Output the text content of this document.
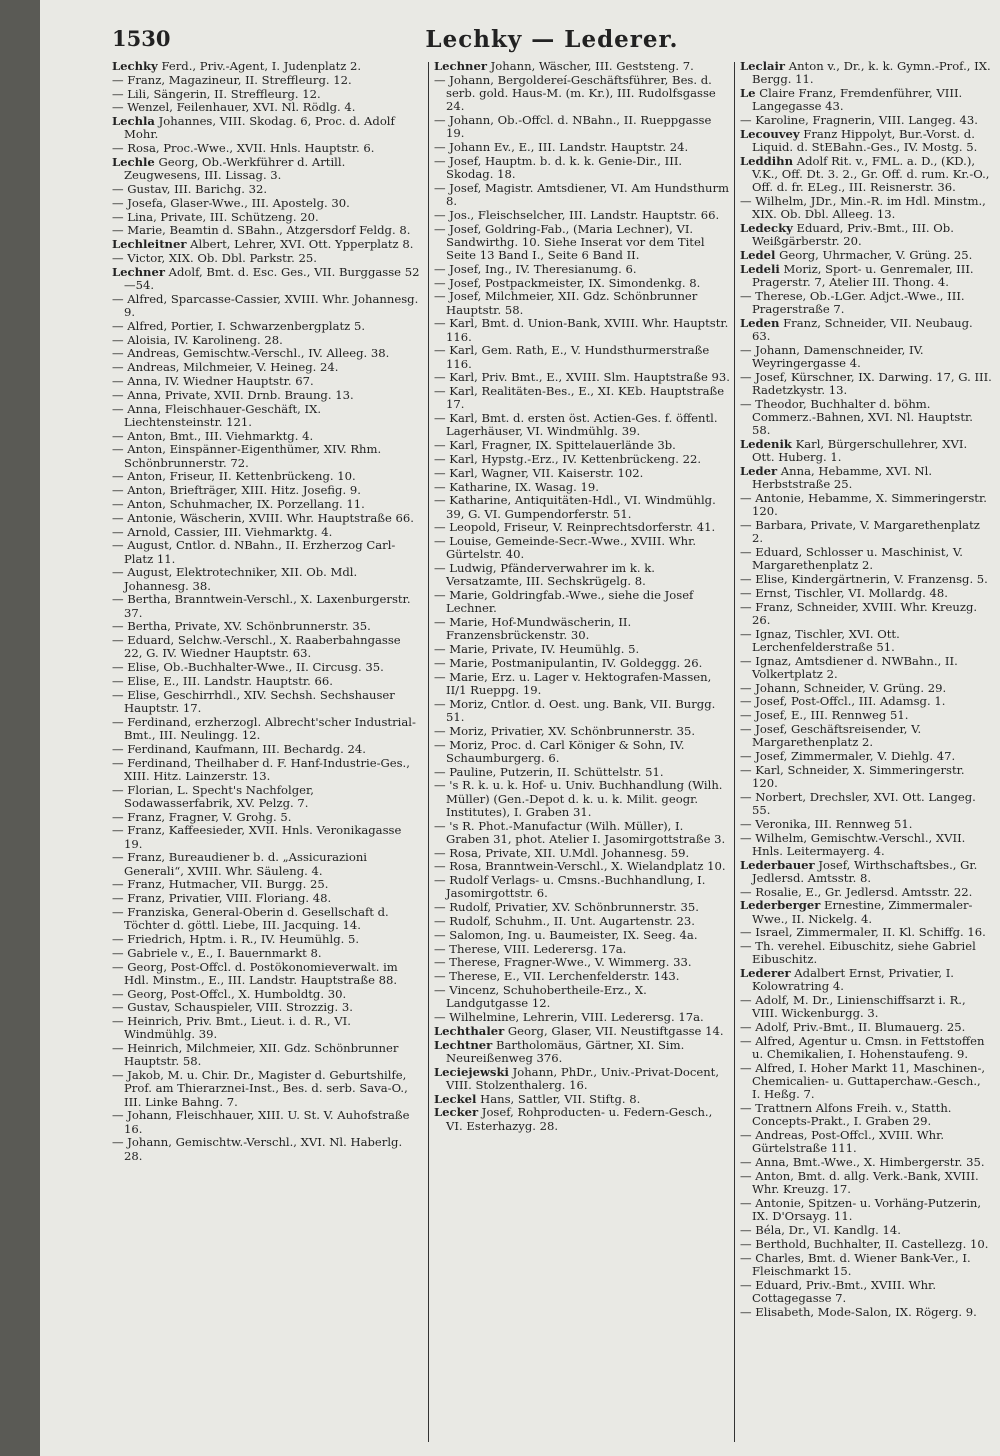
1530	Lechky — Lederer.
Lechky Ferd., Priv.-Agent, I. Judenplatz 2.
— Franz, Magazineur, II. Streffleurg. 12.
— Lili, Sängerin, II. Streffleurg. 12.
— Wenzel, Feilenhauer, XVI. Nl. Rödlg. 4.
Lechla Johannes, VIII. Skodag. 6, Proc. d. Adolf Mohr.
— Rosa, Proc.-Wwe., XVII. Hnls. Hauptstr. 6.
Lechle Georg, Ob.-Werkführer d. Artill. Zeugwesens, III. Lissag. 3.
— Gustav, III. Barichg. 32.
— Josefa, Glaser-Wwe., III. Apostelg. 30.
— Lina, Private, III. Schützeng. 20.
— Marie, Beamtin d. SBahn., Atzgersdorf Feldg. 8.
Lechleitner Albert, Lehrer, XVI. Ott. Ypperplatz 8.
— Victor, XIX. Ob. Dbl. Parkstr. 25.
Lechner Adolf, Bmt. d. Esc. Ges., VII. Burggasse 52—54.
— Alfred, Sparcasse-Cassier, XVIII. Whr. Johannesg. 9.
— Alfred, Portier, I. Schwarzenbergplatz 5.
— Aloisia, IV. Karolineng. 28.
— Andreas, Gemischtw.-Verschl., IV. Alleeg. 38.
— Andreas, Milchmeier, V. Heineg. 24.
— Anna, IV. Wiedner Hauptstr. 67.
— Anna, Private, XVII. Drnb. Braung. 13.
— Anna, Fleischhauer-Geschäft, IX. Liechtensteinstr. 121.
— Anton, Bmt., III. Viehmarktg. 4.
— Anton, Einspänner-Eigenthümer, XIV. Rhm. Schönbrunnerstr. 72.
— Anton, Friseur, II. Kettenbrückeng. 10.
— Anton, Briefträger, XIII. Hitz. Josefig. 9.
— Anton, Schuhmacher, IX. Porzellang. 11.
— Antonie, Wäscherin, XVIII. Whr. Hauptstraße 66.
— Arnold, Cassier, III. Viehmarktg. 4.
— August, Cntlor. d. NBahn., II. Erzherzog Carl-Platz 11.
— August, Elektrotechniker, XII. Ob. Mdl. Johannesg. 38.
— Bertha, Branntwein-Verschl., X. Laxenburgerstr. 37.
— Bertha, Private, XV. Schönbrunnerstr. 35.
— Eduard, Selchw.-Verschl., X. Raaberbahngasse 22, G. IV. Wiedner Hauptstr. 63.
— Elise, Ob.-Buchhalter-Wwe., II. Circusg. 35.
— Elise, E., III. Landstr. Hauptstr. 66.
— Elise, Geschirrhdl., XIV. Sechsh. Sechshauser Hauptstr. 17.
— Ferdinand, erzherzogl. Albrecht'scher Industrial-Bmt., III. Neulingg. 12.
— Ferdinand, Kaufmann, III. Bechardg. 24.
— Ferdinand, Theilhaber d. F. Hanf-Industrie-Ges., XIII. Hitz. Lainzerstr. 13.
— Florian, L. Specht's Nachfolger, Sodawasserfabrik, XV. Pelzg. 7.
— Franz, Fragner, V. Grohg. 5.
— Franz, Kaffeesieder, XVII. Hnls. Veronikagasse 19.
— Franz, Bureaudiener b. d. „Assicurazioni Generali“, XVIII. Whr. Säuleng. 4.
— Franz, Hutmacher, VII. Burgg. 25.
— Franz, Privatier, VIII. Floriang. 48.
— Franziska, General-Oberin d. Gesellschaft d. Töchter d. göttl. Liebe, III. Jacquing. 14.
— Friedrich, Hptm. i. R., IV. Heumühlg. 5.
— Gabriele v., E., I. Bauernmarkt 8.
— Georg, Post-Offcl. d. Postökonomieverwalt. im Hdl. Minstm., E., III. Landstr. Hauptstraße 88.
— Georg, Post-Offcl., X. Humboldtg. 30.
— Gustav, Schauspieler, VIII. Strozzig. 3.
— Heinrich, Priv. Bmt., Lieut. i. d. R., VI. Windmühlg. 39.
— Heinrich, Milchmeier, XII. Gdz. Schönbrunner Hauptstr. 58.
— Jakob, M. u. Chir. Dr., Magister d. Geburtshilfe, Prof. am Thierarznei-Inst., Bes. d. serb. Sava-O., III. Linke Bahng. 7.
— Johann, Fleischhauer, XIII. U. St. V. Auhofstraße 16.
— Johann, Gemischtw.-Verschl., XVI. Nl. Haberlg. 28.
Lechner Johann, Wäscher, III. Geststeng. 7.
— Johann, Bergoldereí-Geschäftsführer, Bes. d. serb. gold. Haus-M. (m. Kr.), III. Rudolfsgasse 24.
— Johann, Ob.-Offcl. d. NBahn., II. Rueppgasse 19.
— Johann Ev., E., III. Landstr. Hauptstr. 24.
— Josef, Hauptm. b. d. k. k. Genie-Dir., III. Skodag. 18.
— Josef, Magistr. Amtsdiener, VI. Am Hundsthurm 8.
— Jos., Fleischselcher, III. Landstr. Hauptstr. 66.
— Josef, Goldring-Fab., (Maria Lechner), VI. Sandwirthg. 10. Siehe Inserat vor dem Titel Seite 13 Band I., Seite 6 Band II.
— Josef, Ing., IV. Theresianumg. 6.
— Josef, Postpackmeister, IX. Simondenkg. 8.
— Josef, Milchmeier, XII. Gdz. Schönbrunner Hauptstr. 58.
— Karl, Bmt. d. Union-Bank, XVIII. Whr. Hauptstr. 116.
— Karl, Gem. Rath, E., V. Hundsthurmerstraße 116.
— Karl, Priv. Bmt., E., XVIII. Slm. Hauptstraße 93.
— Karl, Realitäten-Bes., E., XI. KEb. Hauptstraße 17.
— Karl, Bmt. d. ersten öst. Actien-Ges. f. öffentl. Lagerhäuser, VI. Windmühlg. 39.
— Karl, Fragner, IX. Spittelauerlände 3b.
— Karl, Hypstg.-Erz., IV. Kettenbrückeng. 22.
— Karl, Wagner, VII. Kaiserstr. 102.
— Katharine, IX. Wasag. 19.
— Katharine, Antiquitäten-Hdl., VI. Windmühlg. 39, G. VI. Gumpendorferstr. 51.
— Leopold, Friseur, V. Reinprechtsdorferstr. 41.
— Louise, Gemeinde-Secr.-Wwe., XVIII. Whr. Gürtelstr. 40.
— Ludwig, Pfänderverwahrer im k. k. Versatzamte, III. Sechskrügelg. 8.
— Marie, Goldringfab.-Wwe., siehe die Josef Lechner.
— Marie, Hof-Mundwäscherin, II. Franzensbrückenstr. 30.
— Marie, Private, IV. Heumühlg. 5.
— Marie, Postmanipulantin, IV. Goldeggg. 26.
— Marie, Erz. u. Lager v. Hektografen-Massen, II/1 Rueppg. 19.
— Moriz, Cntlor. d. Oest. ung. Bank, VII. Burgg. 51.
— Moriz, Privatier, XV. Schönbrunnerstr. 35.
— Moriz, Proc. d. Carl Königer & Sohn, IV. Schaumburgerg. 6.
— Pauline, Putzerin, II. Schüttelstr. 51.
— 's R. k. u. k. Hof- u. Univ. Buchhandlung (Wilh. Müller) (Gen.-Depot d. k. u. k. Milit. geogr. Institutes), I. Graben 31.
— 's R. Phot.-Manufactur (Wilh. Müller), I. Graben 31, phot. Atelier I. Jasomirgottstraße 3.
— Rosa, Private, XII. U.Mdl. Johannesg. 59.
— Rosa, Branntwein-Verschl., X. Wielandplatz 10.
— Rudolf Verlags- u. Cmsns.-Buchhandlung, I. Jasomirgottstr. 6.
— Rudolf, Privatier, XV. Schönbrunnerstr. 35.
— Rudolf, Schuhm., II. Unt. Augartenstr. 23.
— Salomon, Ing. u. Baumeister, IX. Seeg. 4a.
— Therese, VIII. Lederersg. 17a.
— Therese, Fragner-Wwe., V. Wimmerg. 33.
— Therese, E., VII. Lerchenfelderstr. 143.
— Vincenz, Schuhobertheile-Erz., X. Landgutgasse 12.
— Wilhelmine, Lehrerin, VIII. Lederersg. 17a.
Lechthaler Georg, Glaser, VII. Neustiftgasse 14.
Lechtner Bartholomäus, Gärtner, XI. Sim. Neureißenweg 376.
Leciejewski Johann, PhDr., Univ.-Privat-Docent, VIII. Stolzenthalerg. 16.
Leckel Hans, Sattler, VII. Stiftg. 8.
Lecker Josef, Rohproducten- u. Federn-Gesch., VI. Esterhazyg. 28.
Leclair Anton v., Dr., k. k. Gymn.-Prof., IX. Bergg. 11.
Le Claire Franz, Fremdenführer, VIII. Langegasse 43.
— Karoline, Fragnerin, VIII. Langeg. 43.
Lecouvey Franz Hippolyt, Bur.-Vorst. d. Liquid. d. StEBahn.-Ges., IV. Mostg. 5.
Leddihn Adolf Rit. v., FML. a. D., (KD.), V.K., Off. Dt. 3. 2., Gr. Off. d. rum. Kr.-O., Off. d. fr. ELeg., III. Reisnerstr. 36.
— Wilhelm, JDr., Min.-R. im Hdl. Minstm., XIX. Ob. Dbl. Alleeg. 13.
Ledecky Eduard, Priv.-Bmt., III. Ob. Weißgärberstr. 20.
Ledel Georg, Uhrmacher, V. Grüng. 25.
Ledeli Moriz, Sport- u. Genremaler, III. Pragerstr. 7, Atelier III. Thong. 4.
— Therese, Ob.-LGer. Adjct.-Wwe., III. Pragerstraße 7.
Leden Franz, Schneider, VII. Neubaug. 63.
— Johann, Damenschneider, IV. Weyringergasse 4.
— Josef, Kürschner, IX. Darwing. 17, G. III. Radetzkystr. 13.
— Theodor, Buchhalter d. böhm. Commerz.-Bahnen, XVI. Nl. Hauptstr. 58.
Ledenik Karl, Bürgerschullehrer, XVI. Ott. Huberg. 1.
Leder Anna, Hebamme, XVI. Nl. Herbststraße 25.
— Antonie, Hebamme, X. Simmeringerstr. 120.
— Barbara, Private, V. Margarethenplatz 2.
— Eduard, Schlosser u. Maschinist, V. Margarethenplatz 2.
— Elise, Kindergärtnerin, V. Franzensg. 5.
— Ernst, Tischler, VI. Mollardg. 48.
— Franz, Schneider, XVIII. Whr. Kreuzg. 26.
— Ignaz, Tischler, XVI. Ott. Lerchenfelderstraße 51.
— Ignaz, Amtsdiener d. NWBahn., II. Volkertplatz 2.
— Johann, Schneider, V. Grüng. 29.
— Josef, Post-Offcl., III. Adamsg. 1.
— Josef, E., III. Rennweg 51.
— Josef, Geschäftsreisender, V. Margarethenplatz 2.
— Josef, Zimmermaler, V. Diehlg. 47.
— Karl, Schneider, X. Simmeringerstr. 120.
— Norbert, Drechsler, XVI. Ott. Langeg. 55.
— Veronika, III. Rennweg 51.
— Wilhelm, Gemischtw.-Verschl., XVII. Hnls. Leitermayerg. 4.
Lederbauer Josef, Wirthschaftsbes., Gr. Jedlersd. Amtsstr. 8.
— Rosalie, E., Gr. Jedlersd. Amtsstr. 22.
Lederberger Ernestine, Zimmermaler-Wwe., II. Nickelg. 4.
— Israel, Zimmermaler, II. Kl. Schiffg. 16.
— Th. verehel. Eibuschitz, siehe Gabriel Eibuschitz.
Lederer Adalbert Ernst, Privatier, I. Kolowratring 4.
— Adolf, M. Dr., Linienschiffsarzt i. R., VIII. Wickenburgg. 3.
— Adolf, Priv.-Bmt., II. Blumauerg. 25.
— Alfred, Agentur u. Cmsn. in Fettstoffen u. Chemikalien, I. Hohenstaufeng. 9.
— Alfred, I. Hoher Markt 11, Maschinen-, Chemicalien- u. Guttaperchaw.-Gesch., I. Heßg. 7.
— Trattnern Alfons Freih. v., Statth. Concepts-Prakt., I. Graben 29.
— Andreas, Post-Offcl., XVIII. Whr. Gürtelstraße 111.
— Anna, Bmt.-Wwe., X. Himbergerstr. 35.
— Anton, Bmt. d. allg. Verk.-Bank, XVIII. Whr. Kreuzg. 17.
— Antonie, Spitzen- u. Vorhäng-Putzerin, IX. D'Orsayg. 11.
— Béla, Dr., VI. Kandlg. 14.
— Berthold, Buchhalter, II. Castellezg. 10.
— Charles, Bmt. d. Wiener Bank-Ver., I. Fleischmarkt 15.
— Eduard, Priv.-Bmt., XVIII. Whr. Cottagegasse 7.
— Elisabeth, Mode-Salon, IX. Rögerg. 9.
